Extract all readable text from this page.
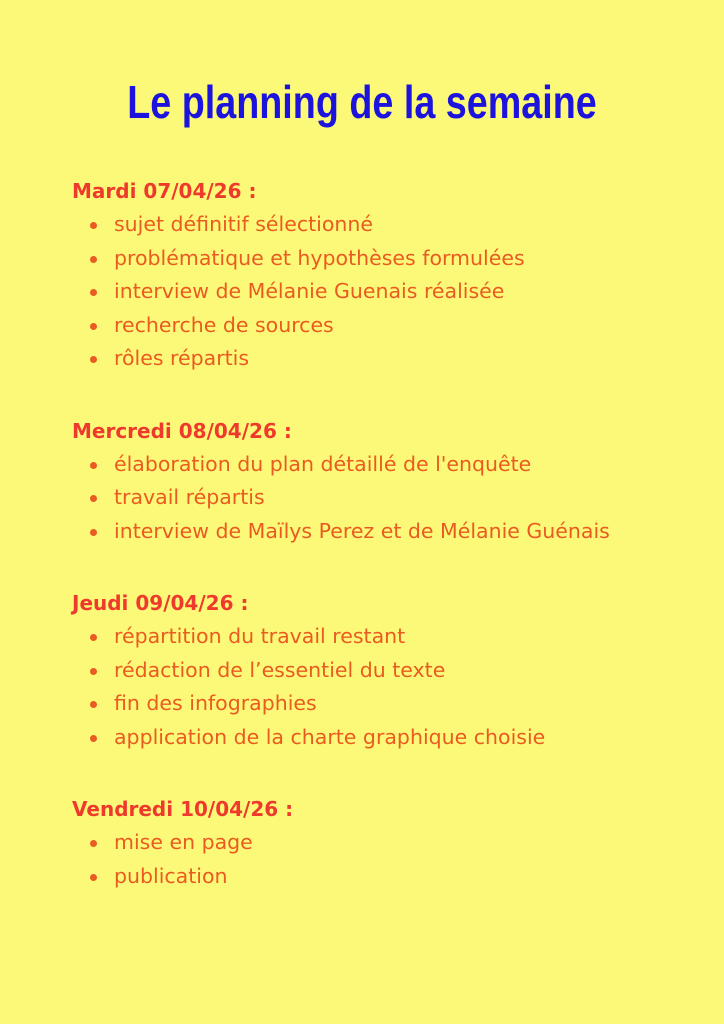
Le planning de la semaine
Mardi 07/04/26 :
sujet définitif sélectionné
problématique et hypothèses formulées
interview de Mélanie Guenais réalisée
recherche de sources
rôles répartis
Mercredi 08/04/26 :
élaboration du plan détaillé de l'enquête
travail répartis
interview de Maïlys Perez et de Mélanie Guénais
Jeudi 09/04/26 :
répartition du travail restant
rédaction de l’essentiel du texte
fin des infographies
application de la charte graphique choisie
Vendredi 10/04/26 :
mise en page
publication
